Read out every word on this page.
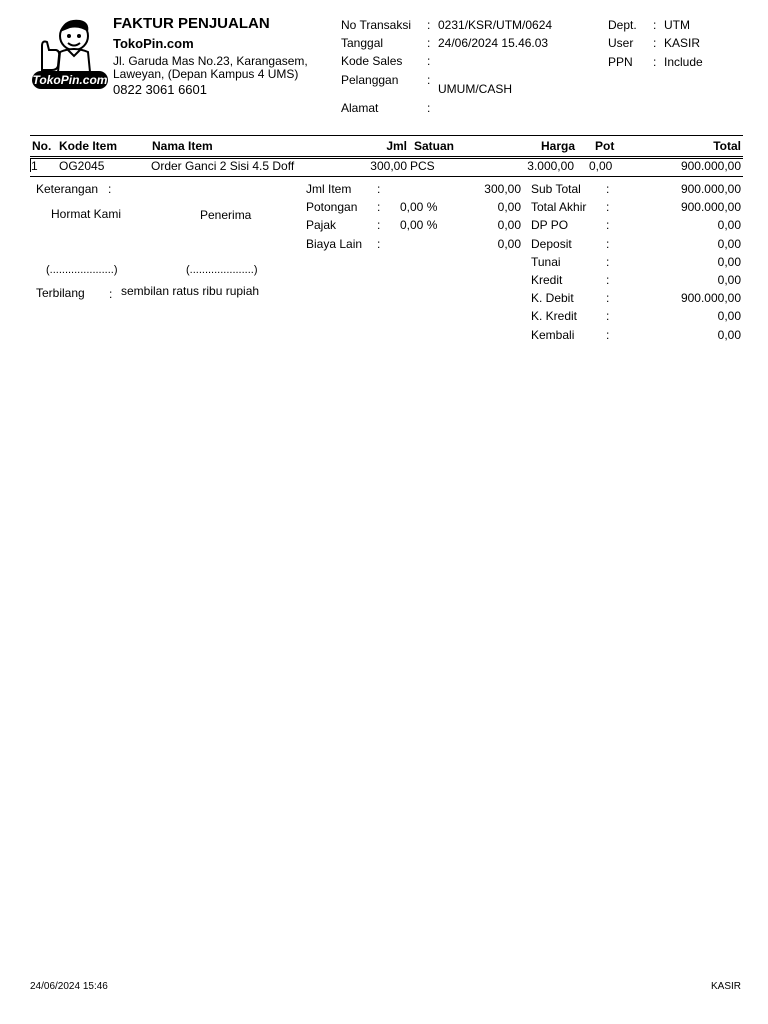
TokoPin.com
FAKTUR PENJUALAN
TokoPin.com
Jl. Garuda Mas No.23, Karangasem,
Laweyan, (Depan Kampus 4 UMS)
0822 3061 6601
No Transaksi : 0231/KSR/UTM/0624
Tanggal	: 24/06/2024 15.46.03
Kode Sales :
Pelanggan :
UMUM/CASH
Alamat	:
Dept. : UTM
User : KASIR
PPN : Include
No. Kode Item	Nama Item	Jml Satuan	Harga Pot	Total
1 OG2045	Order Ganci 2 Sisi 4.5 Doff	300,00 PCS	3.000,00 0,00	900.000,00
Keterangan :
Hormat Kami	Penerima
(.....................)	(.....................)
Terbilang : sembilan ratus ribu rupiah
Jml Item :	300,00
Potongan : 0,00 %	0,00
Pajak	: 0,00 %	0,00
Biaya Lain :	0,00
Sub Total :	900.000,00
Total Akhir :	900.000,00
DP PO	:	0,00
Deposit	:	0,00
Tunai	:	0,00
Kredit	:	0,00
K. Debit	:	900.000,00
K. Kredit :	0,00
Kembali	:	0,00
24/06/2024 15:46	KASIR
